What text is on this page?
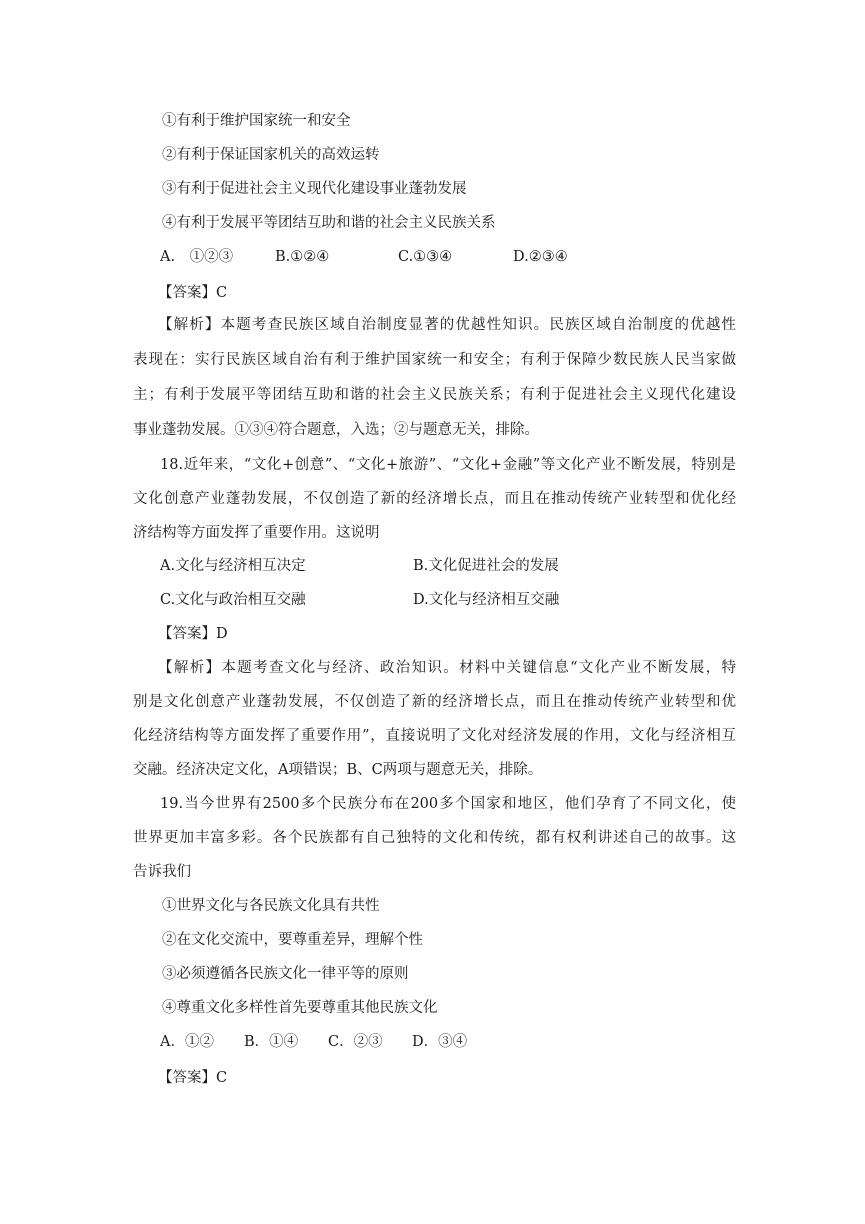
①有利于维护国家统一和安全
②有利于保证国家机关的高效运转
③有利于促进社会主义现代化建设事业蓬勃发展
④有利于发展平等团结互助和谐的社会主义民族关系
A.　①②③	B.①②④	C.①③④	D.②③④
【答案】C
【解析】本题考查民族区域自治制度显著的优越性知识。民族区域自治制度的优越性
表现在：实行民族区域自治有利于维护国家统一和安全；有利于保障少数民族人民当家做
主；有利于发展平等团结互助和谐的社会主义民族关系；有利于促进社会主义现代化建设
事业蓬勃发展。①③④符合题意，入选；②与题意无关，排除。
18.近年来，“文化+创意”、“文化+旅游”、“文化+金融”等文化产业不断发展，特别是
文化创意产业蓬勃发展，不仅创造了新的经济增长点，而且在推动传统产业转型和优化经
济结构等方面发挥了重要作用。这说明
A.文化与经济相互决定	B.文化促进社会的发展
C.文化与政治相互交融	D.文化与经济相互交融
【答案】D
【解析】本题考查文化与经济、政治知识。材料中关键信息“文化产业不断发展，特
别是文化创意产业蓬勃发展，不仅创造了新的经济增长点，而且在推动传统产业转型和优
化经济结构等方面发挥了重要作用”，直接说明了文化对经济发展的作用，文化与经济相互
交融。经济决定文化，A项错误；B、C两项与题意无关，排除。
19.当今世界有2500多个民族分布在200多个国家和地区，他们孕育了不同文化，使
世界更加丰富多彩。各个民族都有自己独特的文化和传统，都有权利讲述自己的故事。这
告诉我们
①世界文化与各民族文化具有共性
②在文化交流中，要尊重差异，理解个性
③必须遵循各民族文化一律平等的原则
④尊重文化多样性首先要尊重其他民族文化
A．①② B．①④ C．②③ D．③④
【答案】C
